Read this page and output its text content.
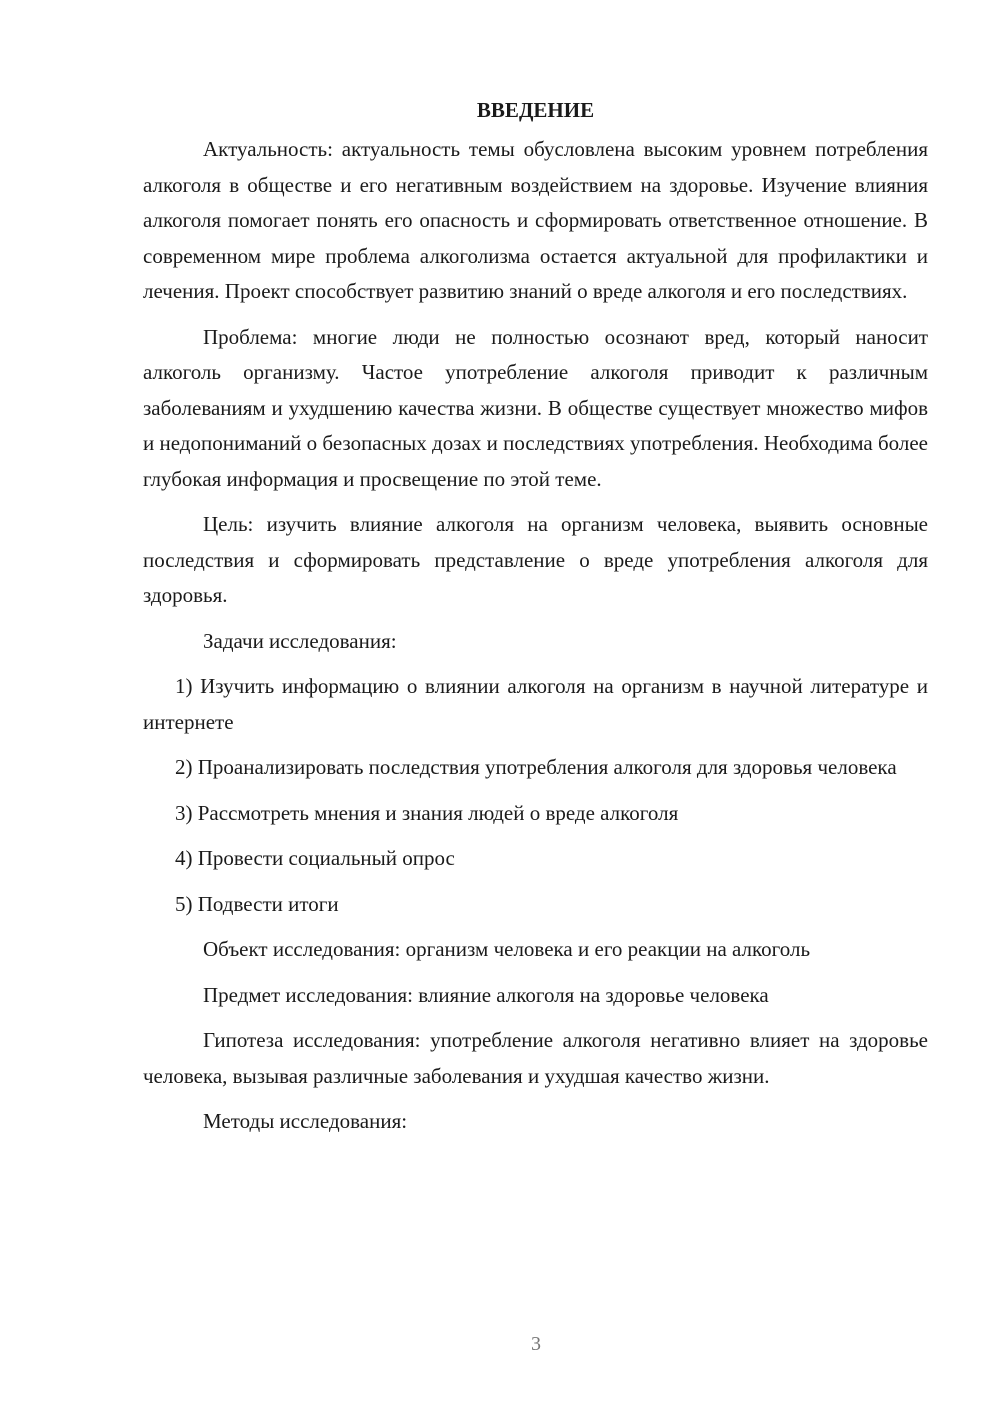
ВВЕДЕНИЕ

Актуальность: актуальность темы обусловлена высоким уровнем потребления алкоголя в обществе и его негативным воздействием на здоровье. Изучение влияния алкоголя помогает понять его опасность и сформировать ответственное отношение. В современном мире проблема алкоголизма остается актуальной для профилактики и лечения. Проект способствует развитию знаний о вреде алкоголя и его последствиях.

Проблема: многие люди не полностью осознают вред, который наносит алкоголь организму. Частое употребление алкоголя приводит к различным заболеваниям и ухудшению качества жизни. В обществе существует множество мифов и недопониманий о безопасных дозах и последствиях употребления. Необходима более глубокая информация и просвещение по этой теме.

Цель: изучить влияние алкоголя на организм человека, выявить основные последствия и сформировать представление о вреде употребления алкоголя для здоровья.

Задачи исследования:

1) Изучить информацию о влиянии алкоголя на организм в научной литературе и интернете

2) Проанализировать последствия употребления алкоголя для здоровья человека

3) Рассмотреть мнения и знания людей о вреде алкоголя

4) Провести социальный опрос

5) Подвести итоги

Объект исследования: организм человека и его реакции на алкоголь

Предмет исследования: влияние алкоголя на здоровье человека

Гипотеза исследования: употребление алкоголя негативно влияет на здоровье человека, вызывая различные заболевания и ухудшая качество жизни.

Методы исследования:

3
